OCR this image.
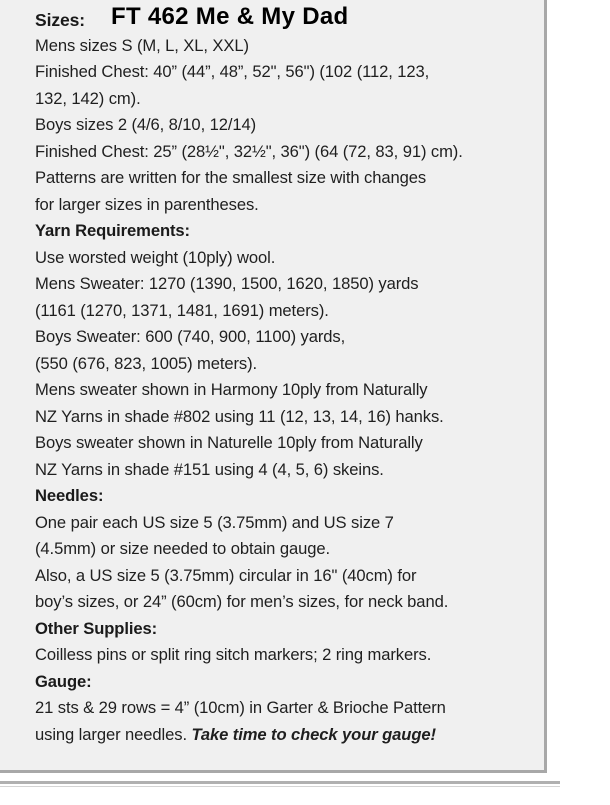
Sizes: FT 462 Me & My Dad
Mens sizes S (M, L, XL, XXL)
Finished Chest: 40” (44”, 48”, 52", 56") (102 (112, 123,
132, 142) cm).
Boys sizes 2 (4/6, 8/10, 12/14)
Finished Chest: 25” (28½", 32½", 36") (64 (72, 83, 91) cm).
Patterns are written for the smallest size with changes
for larger sizes in parentheses.
Yarn Requirements:
Use worsted weight (10ply) wool.
Mens Sweater: 1270 (1390, 1500, 1620, 1850) yards
(1161 (1270, 1371, 1481, 1691) meters).
Boys Sweater: 600 (740, 900, 1100) yards,
(550 (676, 823, 1005) meters).
Mens sweater shown in Harmony 10ply from Naturally
NZ Yarns in shade #802 using 11 (12, 13, 14, 16) hanks.
Boys sweater shown in Naturelle 10ply from Naturally
NZ Yarns in shade #151 using 4 (4, 5, 6) skeins.
Needles:
One pair each US size 5 (3.75mm) and US size 7
(4.5mm) or size needed to obtain gauge.
Also, a US size 5 (3.75mm) circular in 16" (40cm) for
boy’s sizes, or 24” (60cm) for men’s sizes, for neck band.
Other Supplies:
Coilless pins or split ring sitch markers; 2 ring markers.
Gauge:
21 sts & 29 rows = 4” (10cm) in Garter & Brioche Pattern
using larger needles. Take time to check your gauge!
